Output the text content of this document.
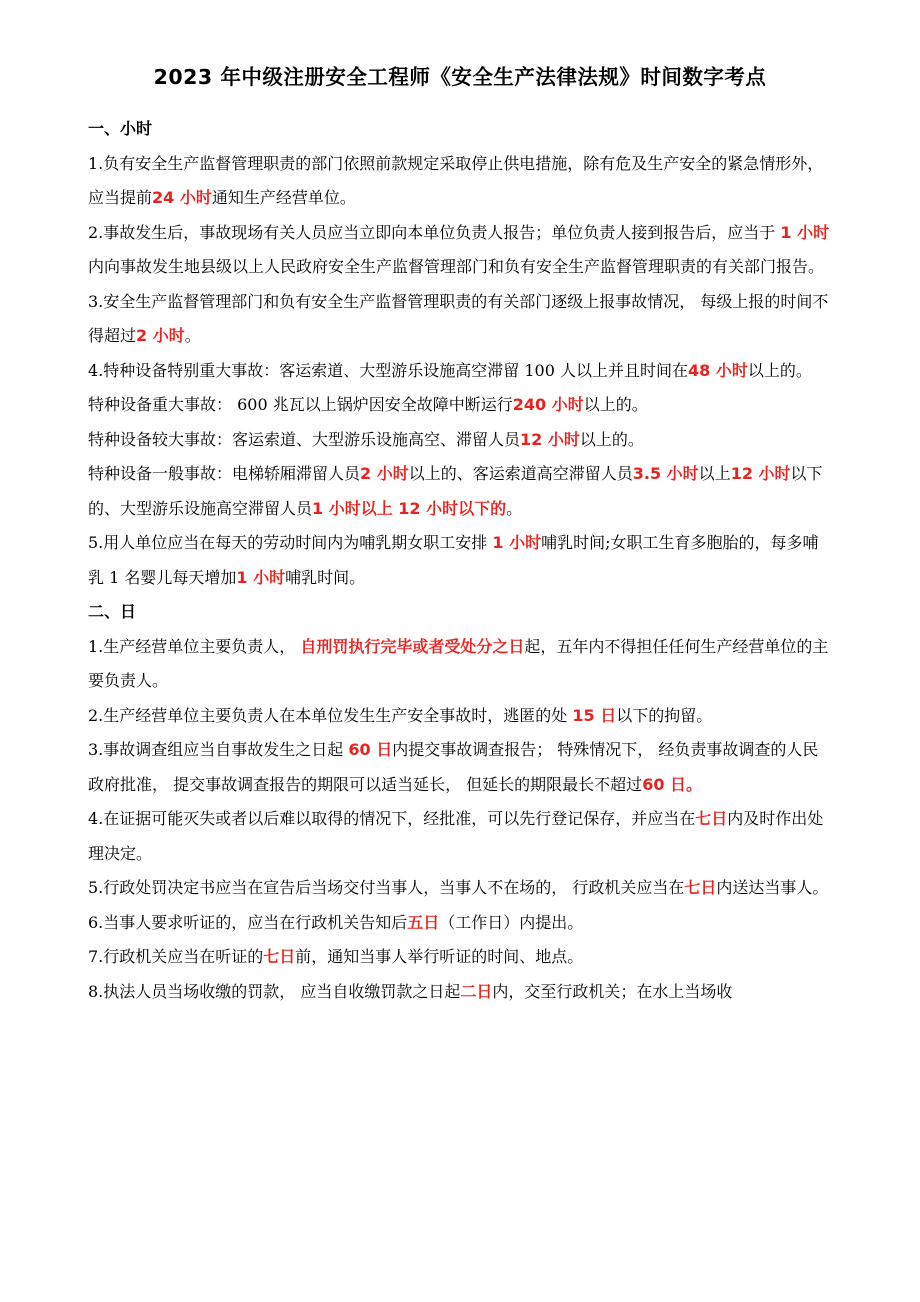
2023 年中级注册安全工程师《安全生产法律法规》时间数字考点
一、小时
1.负有安全生产监督管理职责的部门依照前款规定采取停止供电措施，除有危及生产安全的紧急情形外，应当提前24 小时通知生产经营单位。
2.事故发生后，事故现场有关人员应当立即向本单位负责人报告；单位负责人接到报告后，应当于 1 小时内向事故发生地县级以上人民政府安全生产监督管理部门和负有安全生产监督管理职责的有关部门报告。
3.安全生产监督管理部门和负有安全生产监督管理职责的有关部门逐级上报事故情况， 每级上报的时间不得超过2 小时。
4.特种设备特别重大事故：客运索道、大型游乐设施高空滞留 100 人以上并且时间在48 小时以上的。
特种设备重大事故： 600 兆瓦以上锅炉因安全故障中断运行240 小时以上的。
特种设备较大事故：客运索道、大型游乐设施高空、滞留人员12 小时以上的。
特种设备一般事故：电梯轿厢滞留人员2 小时以上的、客运索道高空滞留人员3.5 小时以上12 小时以下的、大型游乐设施高空滞留人员1 小时以上 12 小时以下的。
5.用人单位应当在每天的劳动时间内为哺乳期女职工安排 1 小时哺乳时间;女职工生育多胞胎的，每多哺乳 1 名婴儿每天增加1 小时哺乳时间。
二、日
1.生产经营单位主要负责人， 自刑罚执行完毕或者受处分之日起，五年内不得担任任何生产经营单位的主要负责人。
2.生产经营单位主要负责人在本单位发生生产安全事故时，逃匿的处 15 日以下的拘留。
3.事故调查组应当自事故发生之日起 60 日内提交事故调查报告； 特殊情况下， 经负责事故调查的人民政府批准， 提交事故调查报告的期限可以适当延长， 但延长的期限最长不超过60 日。
4.在证据可能灭失或者以后难以取得的情况下，经批准，可以先行登记保存，并应当在七日内及时作出处理决定。
5.行政处罚决定书应当在宣告后当场交付当事人，当事人不在场的， 行政机关应当在七日内送达当事人。
6.当事人要求听证的，应当在行政机关告知后五日（工作日）内提出。
7.行政机关应当在听证的七日前，通知当事人举行听证的时间、地点。
8.执法人员当场收缴的罚款， 应当自收缴罚款之日起二日内，交至行政机关；在水上当场收
